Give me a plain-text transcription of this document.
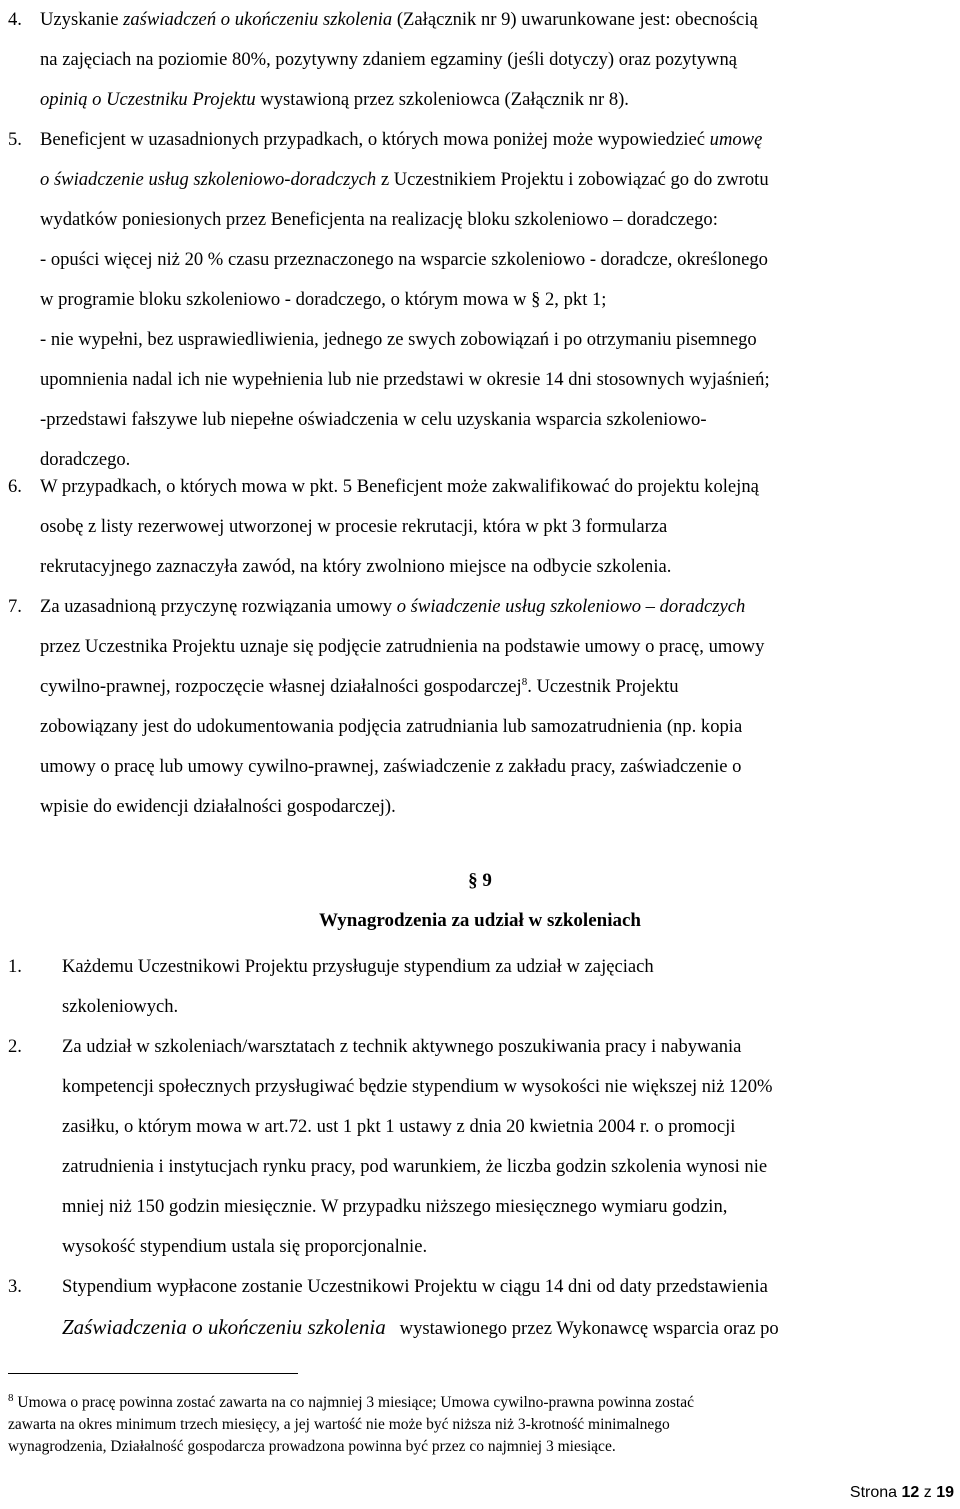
4. Uzyskanie zaświadczeń o ukończeniu szkolenia (Załącznik nr 9) uwarunkowane jest: obecnością
na zajęciach na poziomie 80%, pozytywny zdaniem egzaminy (jeśli dotyczy) oraz pozytywną
opinią o Uczestniku Projektu wystawioną przez szkoleniowca (Załącznik nr 8).
5. Beneficjent w uzasadnionych przypadkach, o których mowa poniżej może wypowiedzieć umowę
o świadczenie usług szkoleniowo-doradczych z Uczestnikiem Projektu i zobowiązać go do zwrotu
wydatków poniesionych przez Beneficjenta na realizację bloku szkoleniowo – doradczego:
- opuści więcej niż 20 % czasu przeznaczonego na wsparcie szkoleniowo - doradcze, określonego
w programie bloku szkoleniowo - doradczego, o którym mowa w § 2, pkt 1;
- nie wypełni, bez usprawiedliwienia, jednego ze swych zobowiązań i po otrzymaniu pisemnego
upomnienia nadal ich nie wypełnienia lub nie przedstawi w okresie 14 dni stosownych wyjaśnień;
-przedstawi fałszywe lub niepełne oświadczenia w celu uzyskania wsparcia szkoleniowo-
doradczego.
6. W przypadkach, o których mowa w pkt. 5 Beneficjent może zakwalifikować do projektu kolejną
osobę z listy rezerwowej utworzonej w procesie rekrutacji, która w pkt 3 formularza
rekrutacyjnego zaznaczyła zawód, na który zwolniono miejsce na odbycie szkolenia.
7. Za uzasadnioną przyczynę rozwiązania umowy o świadczenie usług szkoleniowo – doradczych
przez Uczestnika Projektu uznaje się podjęcie zatrudnienia na podstawie umowy o pracę, umowy
cywilno-prawnej, rozpoczęcie własnej działalności gospodarczej$^8$. Uczestnik Projektu
zobowiązany jest do udokumentowania podjęcia zatrudniania lub samozatrudnienia (np. kopia
umowy o pracę lub umowy cywilno-prawnej, zaświadczenie z zakładu pracy, zaświadczenie o
wpisie do ewidencji działalności gospodarczej).
§ 9
Wynagrodzenia za udział w szkoleniach
1. Każdemu Uczestnikowi Projektu przysługuje stypendium za udział w zajęciach
szkoleniowych.
2. Za udział w szkoleniach/warsztatach z technik aktywnego poszukiwania pracy i nabywania
kompetencji społecznych przysługiwać będzie stypendium w wysokości nie większej niż 120%
zasiłku, o którym mowa w art.72. ust 1 pkt 1 ustawy z dnia 20 kwietnia 2004 r. o promocji
zatrudnienia i instytucjach rynku pracy, pod warunkiem, że liczba godzin szkolenia wynosi nie
mniej niż 150 godzin miesięcznie. W przypadku niższego miesięcznego wymiaru godzin,
wysokość stypendium ustala się proporcjonalnie.
3. Stypendium wypłacone zostanie Uczestnikowi Projektu w ciągu 14 dni od daty przedstawienia
Zaświadczenia o ukończeniu szkolenia wystawionego przez Wykonawcę wsparcia oraz po
$^8$ Umowa o pracę powinna zostać zawarta na co najmniej 3 miesiące; Umowa cywilno-prawna powinna zostać
zawarta na okres minimum trzech miesięcy, a jej wartość nie może być niższa niż 3-krotność minimalnego
wynagrodzenia, Działalność gospodarcza prowadzona powinna być przez co najmniej 3 miesiące.
Strona 12 z 19
